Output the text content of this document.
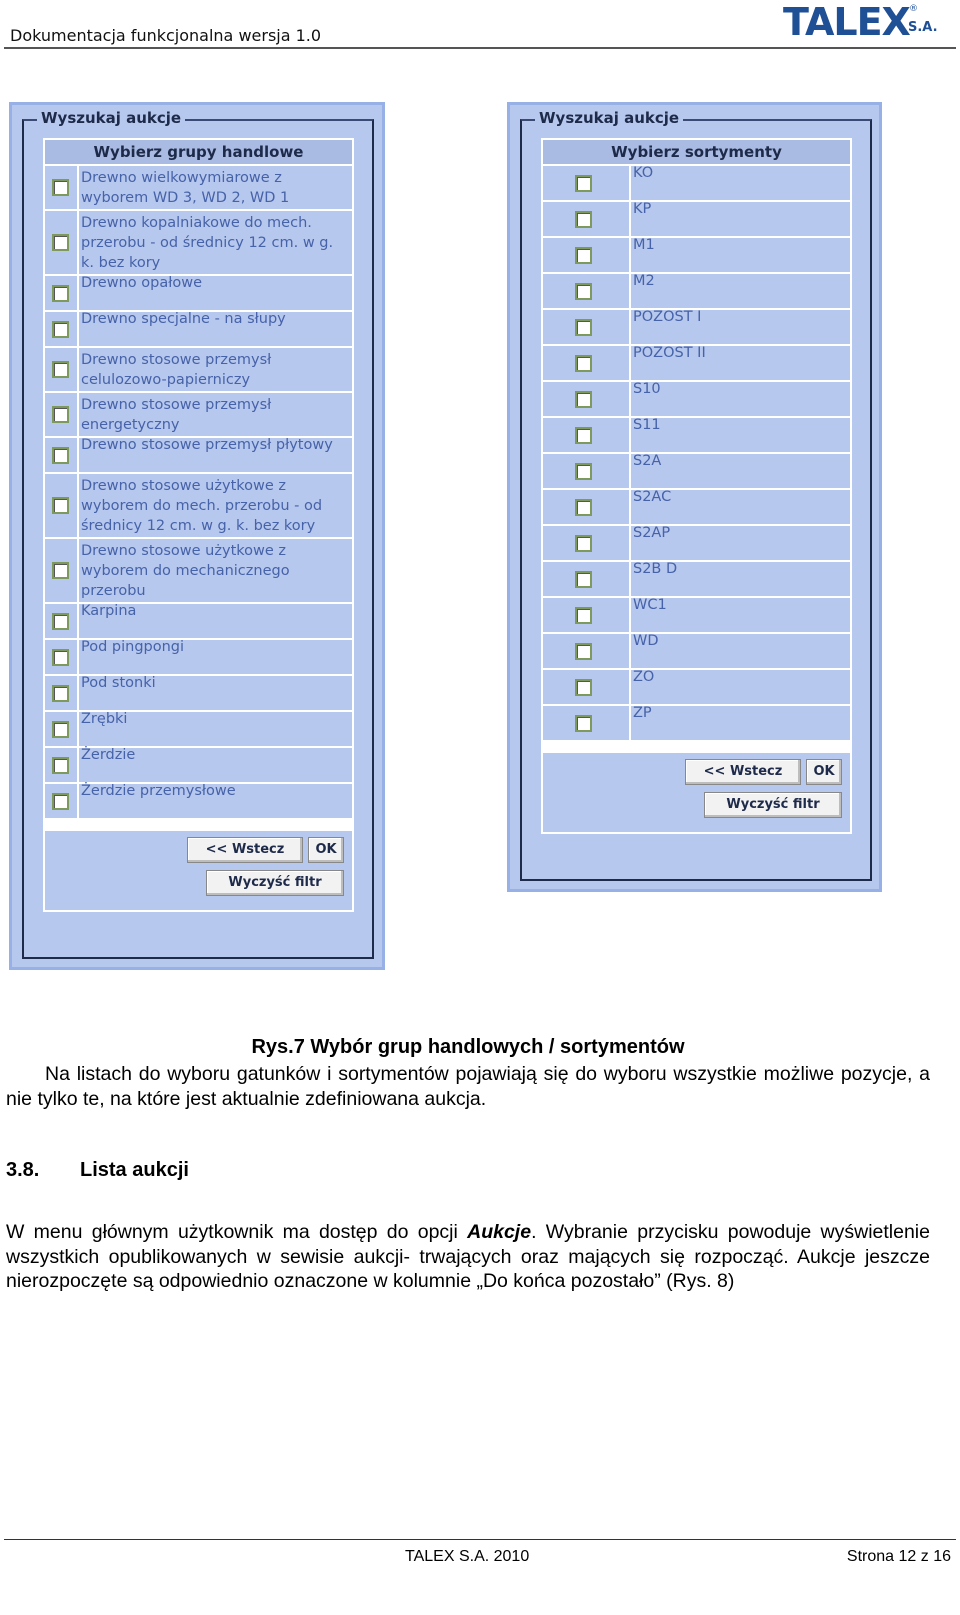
Dokumentacja funkcjonalna wersja 1.0	TALEX ®
S.A.
Wyszukaj aukcje
Wybierz grupy handlowe
Drewno wielkowymiarowe z wyborem WD 3, WD 2, WD 1
Drewno kopalniakowe do mech. przerobu - od średnicy 12 cm. w g. k. bez kory
Drewno opałowe
Drewno specjalne - na słupy
Drewno stosowe przemysł celulozowo-papierniczy
Drewno stosowe przemysł energetyczny
Drewno stosowe przemysł płytowy
Drewno stosowe użytkowe z wyborem do mech. przerobu - od średnicy 12 cm. w g. k. bez kory
Drewno stosowe użytkowe z wyborem do mechanicznego przerobu
Karpina
Pod pingpongi
Pod stonki
Zrębki
Żerdzie
Żerdzie przemysłowe
<< Wstecz	OK
Wyczyść filtr
Wyszukaj aukcje
Wybierz sortymenty
KO
KP
M1
M2
POZOST I
POZOST II
S10
S11
S2A
S2AC
S2AP
S2B D
WC1
WD
ZO
ZP
<< Wstecz	OK
Wyczyść filtr
Rys.7 Wybór grup handlowych / sortymentów
Na listach do wyboru gatunków i sortymentów pojawiają się do wyboru wszystkie możliwe pozycje, a nie tylko te, na które jest aktualnie zdefiniowana aukcja.
3.8. Lista aukcji
W menu głównym użytkownik ma dostęp do opcji Aukcje. Wybranie przycisku powoduje wyświetlenie wszystkich opublikowanych w sewisie aukcji- trwających oraz mających się rozpocząć. Aukcje jeszcze nierozpoczęte są odpowiednio oznaczone w kolumnie „Do końca pozostało” (Rys. 8)
TALEX S.A. 2010	Strona 12 z 16
